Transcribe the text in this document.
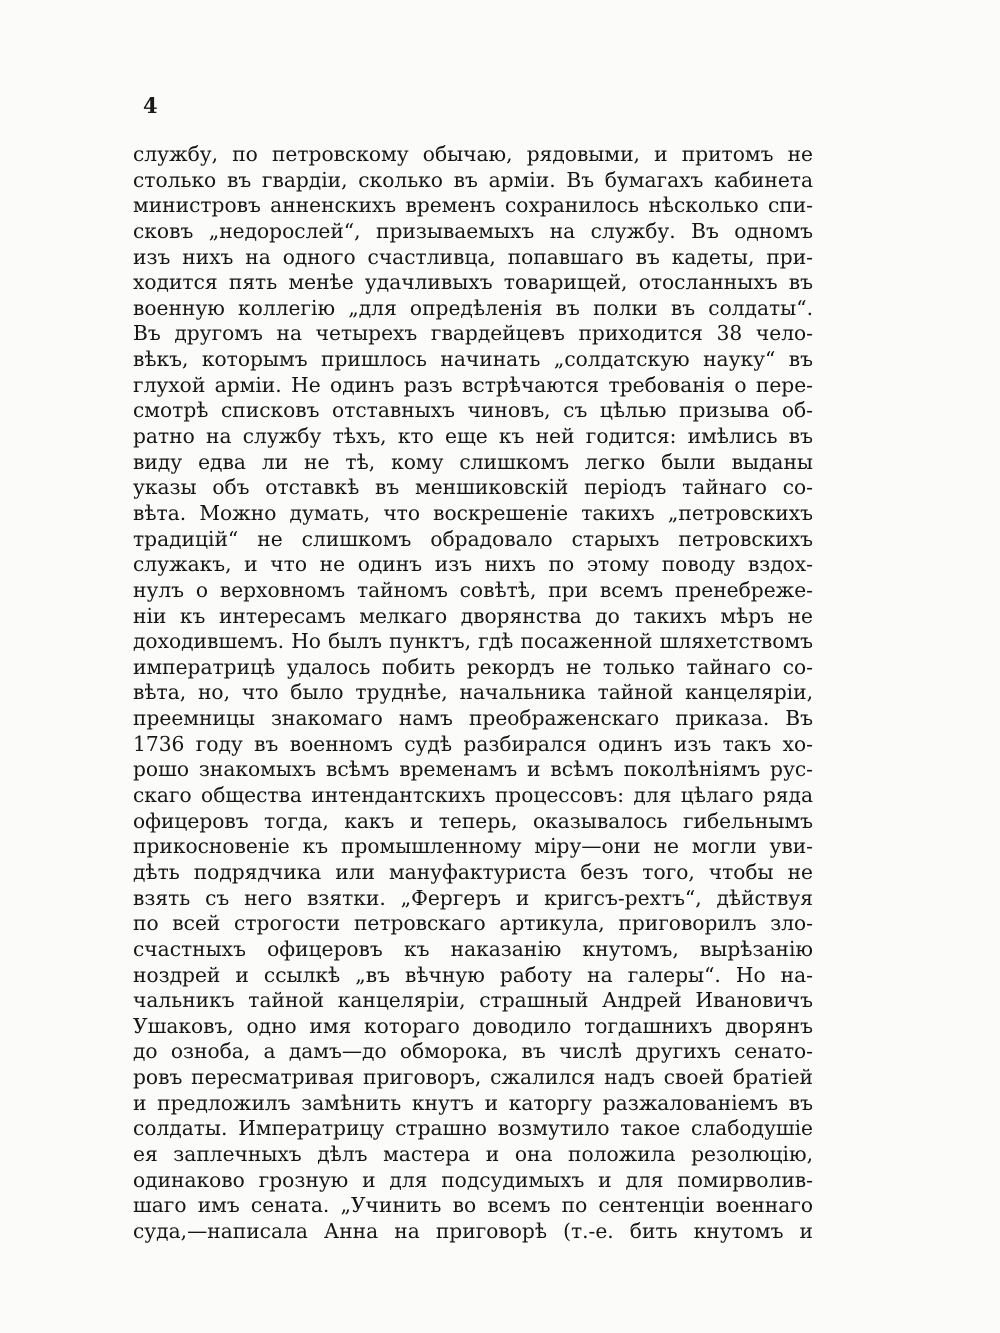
4
службу, по петровскому обычаю, рядовыми, и притомъ не
столько въ гвардіи, сколько въ арміи. Въ бумагахъ кабинета
министровъ анненскихъ временъ сохранилось нѣсколько спи-
сковъ „недорослей“, призываемыхъ на службу. Въ одномъ
изъ нихъ на одного счастливца, попавшаго въ кадеты, при-
ходится пять менѣе удачливыхъ товарищей, отосланныхъ въ
военную коллегію „для опредѣленія въ полки въ солдаты“.
Въ другомъ на четырехъ гвардейцевъ приходится 38 чело-
вѣкъ, которымъ пришлось начинать „солдатскую науку“ въ
глухой арміи. Не одинъ разъ встрѣчаются требованія о пере-
смотрѣ списковъ отставныхъ чиновъ, съ цѣлью призыва об-
ратно на службу тѣхъ, кто еще къ ней годится: имѣлись въ
виду едва ли не тѣ, кому слишкомъ легко были выданы
указы объ отставкѣ въ меншиковскій періодъ тайнаго со-
вѣта. Можно думать, что воскрешеніе такихъ „петровскихъ
традицій“ не слишкомъ обрадовало старыхъ петровскихъ
служакъ, и что не одинъ изъ нихъ по этому поводу вздох-
нулъ о верховномъ тайномъ совѣтѣ, при всемъ пренебреже-
ніи къ интересамъ мелкаго дворянства до такихъ мѣръ не
доходившемъ. Но былъ пунктъ, гдѣ посаженной шляхетствомъ
императрицѣ удалось побить рекордъ не только тайнаго со-
вѣта, но, что было труднѣе, начальника тайной канцеляріи,
преемницы знакомаго намъ преображенскаго приказа. Въ
1736 году въ военномъ судѣ разбирался одинъ изъ такъ хо-
рошо знакомыхъ всѣмъ временамъ и всѣмъ поколѣніямъ рус-
скаго общества интендантскихъ процессовъ: для цѣлаго ряда
офицеровъ тогда, какъ и теперь, оказывалось гибельнымъ
прикосновеніе къ промышленному міру—они не могли уви-
дѣть подрядчика или мануфактуриста безъ того, чтобы не
взять съ него взятки. „Фергеръ и кригсъ-рехтъ“, дѣйствуя
по всей строгости петровскаго артикула, приговорилъ зло-
счастныхъ офицеровъ къ наказанію кнутомъ, вырѣзанію
ноздрей и ссылкѣ „въ вѣчную работу на галеры“. Но на-
чальникъ тайной канцеляріи, страшный Андрей Ивановичъ
Ушаковъ, одно имя котораго доводило тогдашнихъ дворянъ
до озноба, а дамъ—до обморока, въ числѣ другихъ сенато-
ровъ пересматривая приговоръ, сжалился надъ своей братіей
и предложилъ замѣнить кнутъ и каторгу разжалованіемъ въ
солдаты. Императрицу страшно возмутило такое слабодушіе
ея заплечныхъ дѣлъ мастера и она положила резолюцію,
одинаково грозную и для подсудимыхъ и для помирволив-
шаго имъ сената. „Учинить во всемъ по сентенціи военнаго
суда,—написала Анна на приговорѣ (т.-е. бить кнутомъ и
